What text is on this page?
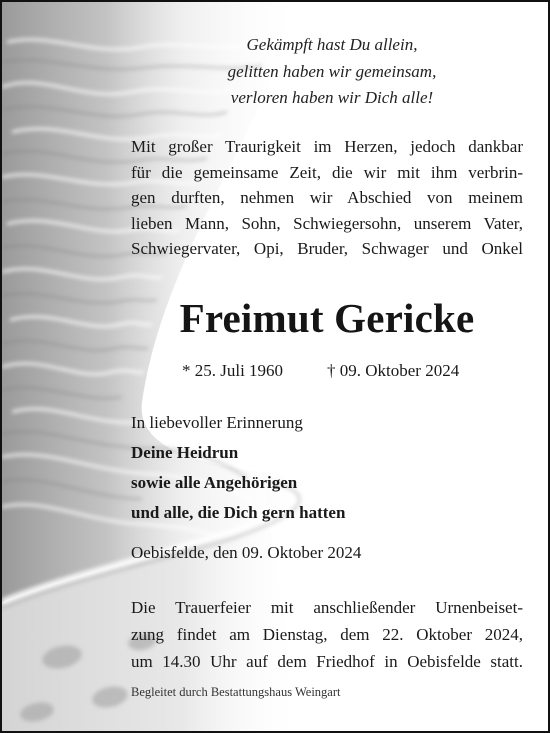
Gekämpft hast Du allein,
gelitten haben wir gemeinsam,
verloren haben wir Dich alle!
Mit großer Traurigkeit im Herzen, jedoch dankbar
für die gemeinsame Zeit, die wir mit ihm verbrin-
gen durften, nehmen wir Abschied von meinem
lieben Mann, Sohn, Schwiegersohn, unserem Vater,
Schwiegervater, Opi, Bruder, Schwager und Onkel
Freimut Gericke
* 25. Juli 1960	† 09. Oktober 2024
In liebevoller Erinnerung
Deine Heidrun
sowie alle Angehörigen
und alle, die Dich gern hatten
Oebisfelde, den 09. Oktober 2024
Die Trauerfeier mit anschließender Urnenbeiset-
zung findet am Dienstag, dem 22. Oktober 2024,
um 14.30 Uhr auf dem Friedhof in Oebisfelde statt.
Begleitet durch Bestattungshaus Weingart
